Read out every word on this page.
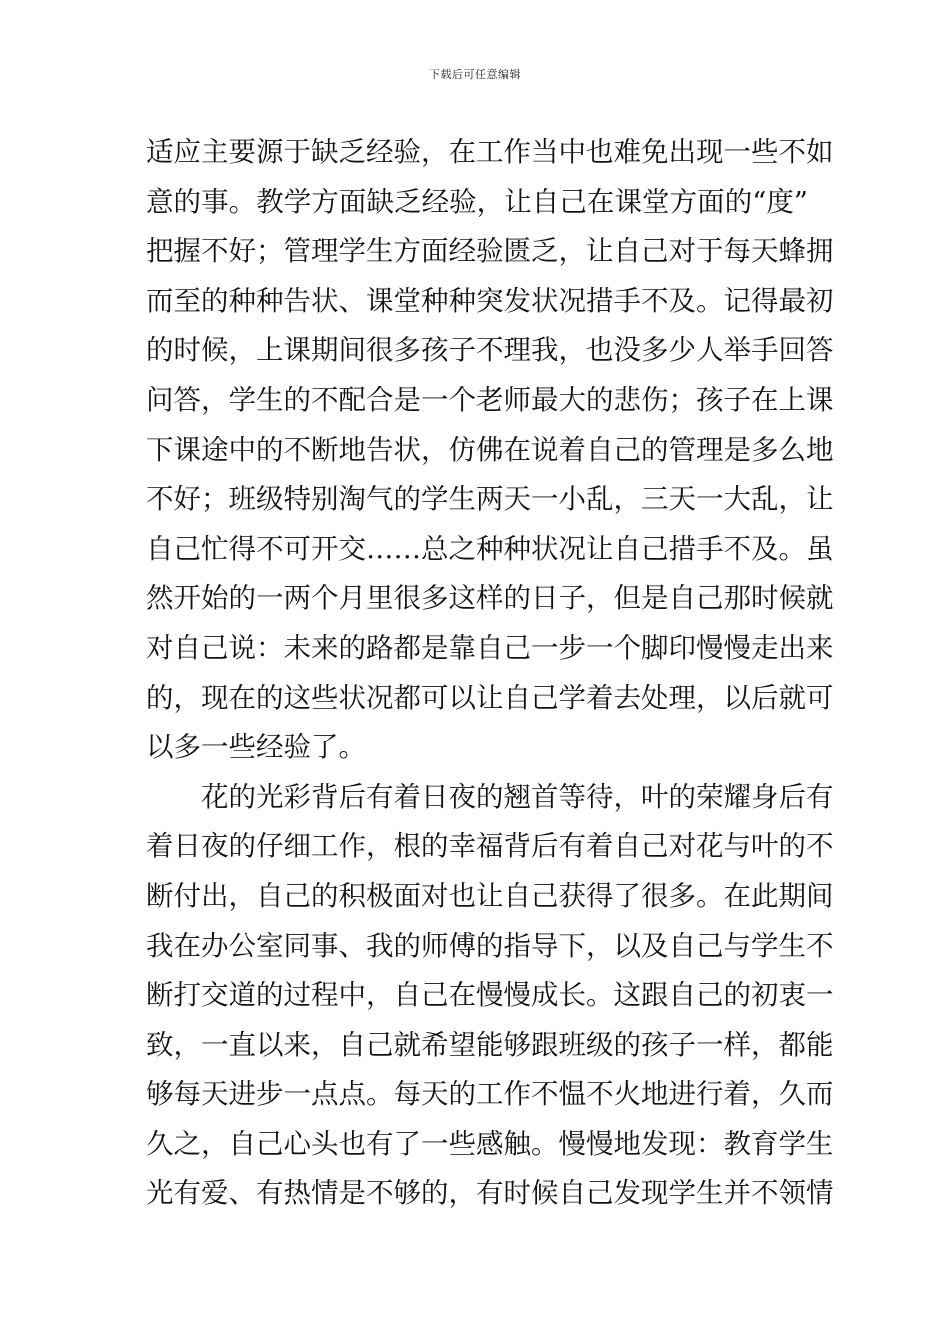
下载后可任意编辑
适应主要源于缺乏经验，在工作当中也难免出现一些不如
意的事。教学方面缺乏经验，让自己在课堂方面的“度”
把握不好；管理学生方面经验匮乏，让自己对于每天蜂拥
而至的种种告状、课堂种种突发状况措手不及。记得最初
的时候，上课期间很多孩子不理我，也没多少人举手回答
问答，学生的不配合是一个老师最大的悲伤；孩子在上课
下课途中的不断地告状，仿佛在说着自己的管理是多么地
不好；班级特别淘气的学生两天一小乱，三天一大乱，让
自己忙得不可开交……总之种种状况让自己措手不及。虽
然开始的一两个月里很多这样的日子，但是自己那时候就
对自己说：未来的路都是靠自己一步一个脚印慢慢走出来
的，现在的这些状况都可以让自己学着去处理，以后就可
以多一些经验了。
花的光彩背后有着日夜的翘首等待，叶的荣耀身后有
着日夜的仔细工作，根的幸福背后有着自己对花与叶的不
断付出，自己的积极面对也让自己获得了很多。在此期间
我在办公室同事、我的师傅的指导下，以及自己与学生不
断打交道的过程中，自己在慢慢成长。这跟自己的初衷一
致，一直以来，自己就希望能够跟班级的孩子一样，都能
够每天进步一点点。每天的工作不愠不火地进行着，久而
久之，自己心头也有了一些感触。慢慢地发现：教育学生
光有爱、有热情是不够的，有时候自己发现学生并不领情
